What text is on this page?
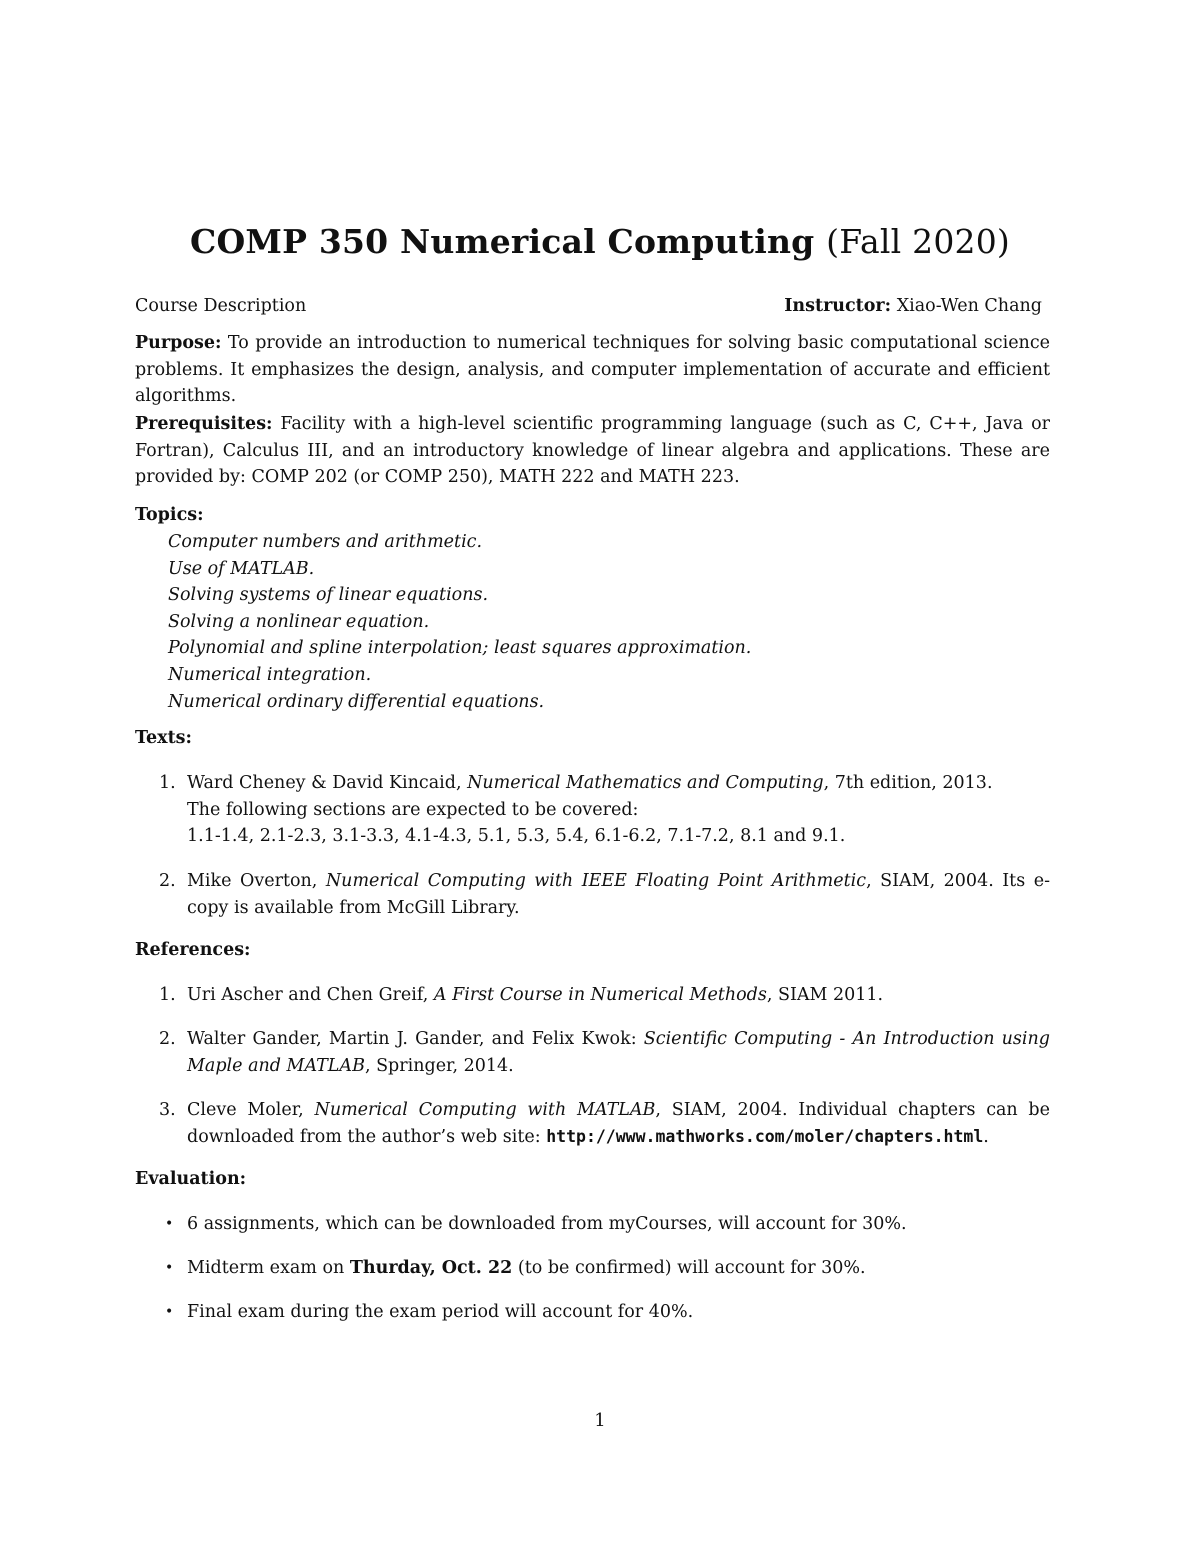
COMP 350 Numerical Computing (Fall 2020)
Course Description	Instructor: Xiao-Wen Chang
Purpose: To provide an introduction to numerical techniques for solving basic computational science problems. It emphasizes the design, analysis, and computer implementation of accurate and efficient algorithms.
Prerequisites: Facility with a high-level scientific programming language (such as C, C++, Java or Fortran), Calculus III, and an introductory knowledge of linear algebra and applications. These are provided by: COMP 202 (or COMP 250), MATH 222 and MATH 223.
Topics:
Computer numbers and arithmetic.
Use of MATLAB.
Solving systems of linear equations.
Solving a nonlinear equation.
Polynomial and spline interpolation; least squares approximation.
Numerical integration.
Numerical ordinary differential equations.
Texts:
1. Ward Cheney & David Kincaid, Numerical Mathematics and Computing, 7th edition, 2013.
The following sections are expected to be covered:
1.1-1.4, 2.1-2.3, 3.1-3.3, 4.1-4.3, 5.1, 5.3, 5.4, 6.1-6.2, 7.1-7.2, 8.1 and 9.1.
2. Mike Overton, Numerical Computing with IEEE Floating Point Arithmetic, SIAM, 2004. Its e-copy is available from McGill Library.
References:
1. Uri Ascher and Chen Greif, A First Course in Numerical Methods, SIAM 2011.
2. Walter Gander, Martin J. Gander, and Felix Kwok: Scientific Computing - An Introduction using Maple and MATLAB, Springer, 2014.
3. Cleve Moler, Numerical Computing with MATLAB, SIAM, 2004. Individual chapters can be downloaded from the author’s web site: http://www.mathworks.com/moler/chapters.html.
Evaluation:
• 6 assignments, which can be downloaded from myCourses, will account for 30%.
• Midterm exam on Thurday, Oct. 22 (to be confirmed) will account for 30%.
• Final exam during the exam period will account for 40%.
1
